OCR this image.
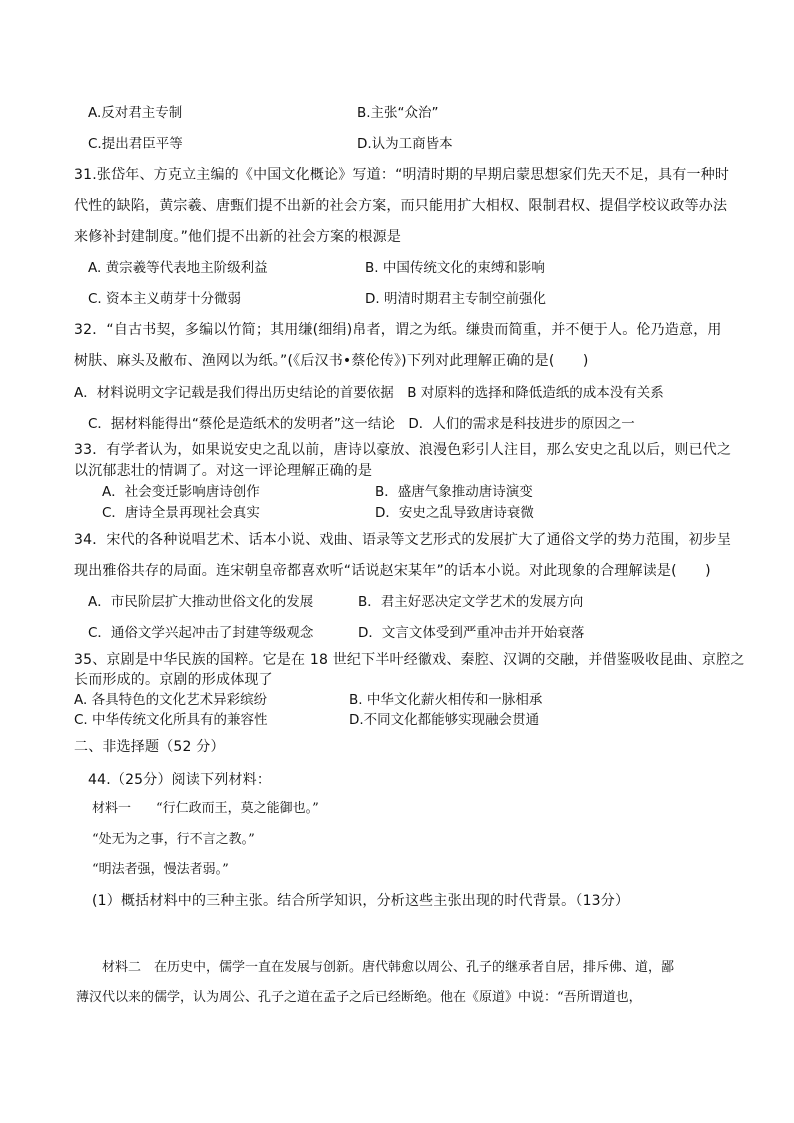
A.反对君主专制	B.主张“众治”
C.提出君臣平等	D.认为工商皆本
31.张岱年、方克立主编的《中国文化概论》写道：“明清时期的早期启蒙思想家们先天不足，具有一种时
代性的缺陷，黄宗羲、唐甄们提不出新的社会方案，而只能用扩大相权、限制君权、提倡学校议政等办法
来修补封建制度。”他们提不出新的社会方案的根源是
A. 黄宗羲等代表地主阶级利益	B. 中国传统文化的束缚和影响
C. 资本主义萌芽十分微弱	D. 明清时期君主专制空前强化
32．“自古书契，多编以竹简；其用缣(细绢)帛者，谓之为纸。缣贵而简重，并不便于人。伦乃造意，用
树肤、麻头及敝布、渔网以为纸。”(《后汉书•蔡伦传》)下列对此理解正确的是(　　)
A．材料说明文字记载是我们得出历史结论的首要依据　B 对原料的选择和降低造纸的成本没有关系
C．据材料能得出“蔡伦是造纸术的发明者”这一结论　D．人们的需求是科技进步的原因之一
33．有学者认为，如果说安史之乱以前，唐诗以豪放、浪漫色彩引人注目，那么安史之乱以后，则已代之
以沉郁悲壮的情调了。对这一评论理解正确的是
A．社会变迁影响唐诗创作	B．盛唐气象推动唐诗演变
C．唐诗全景再现社会真实	D．安史之乱导致唐诗衰微
34．宋代的各种说唱艺术、话本小说、戏曲、语录等文艺形式的发展扩大了通俗文学的势力范围，初步呈
现出雅俗共存的局面。连宋朝皇帝都喜欢听“话说赵宋某年”的话本小说。对此现象的合理解读是(　　)
A．市民阶层扩大推动世俗文化的发展	B．君主好恶决定文学艺术的发展方向
C．通俗文学兴起冲击了封建等级观念	D．文言文体受到严重冲击并开始衰落
35、京剧是中华民族的国粹。它是在 18 世纪下半叶经徽戏、秦腔、汉调的交融，并借鉴吸收昆曲、京腔之
长而形成的。京剧的形成体现了
A. 各具特色的文化艺术异彩缤纷	B. 中华文化薪火相传和一脉相承
C. 中华传统文化所具有的兼容性	D.不同文化都能够实现融会贯通
二、非选择题（52 分）
44.（25分）阅读下列材料：
材料一 “行仁政而王，莫之能御也。”
“处无为之事，行不言之教。”
“明法者强，慢法者弱。”
(1）概括材料中的三种主张。结合所学知识，分析这些主张出现的时代背景。（13分）
材料二　在历史中，儒学一直在发展与创新。唐代韩愈以周公、孔子的继承者自居，排斥佛、道，鄙
薄汉代以来的儒学，认为周公、孔子之道在孟子之后已经断绝。他在《原道》中说：“吾所谓道也，
